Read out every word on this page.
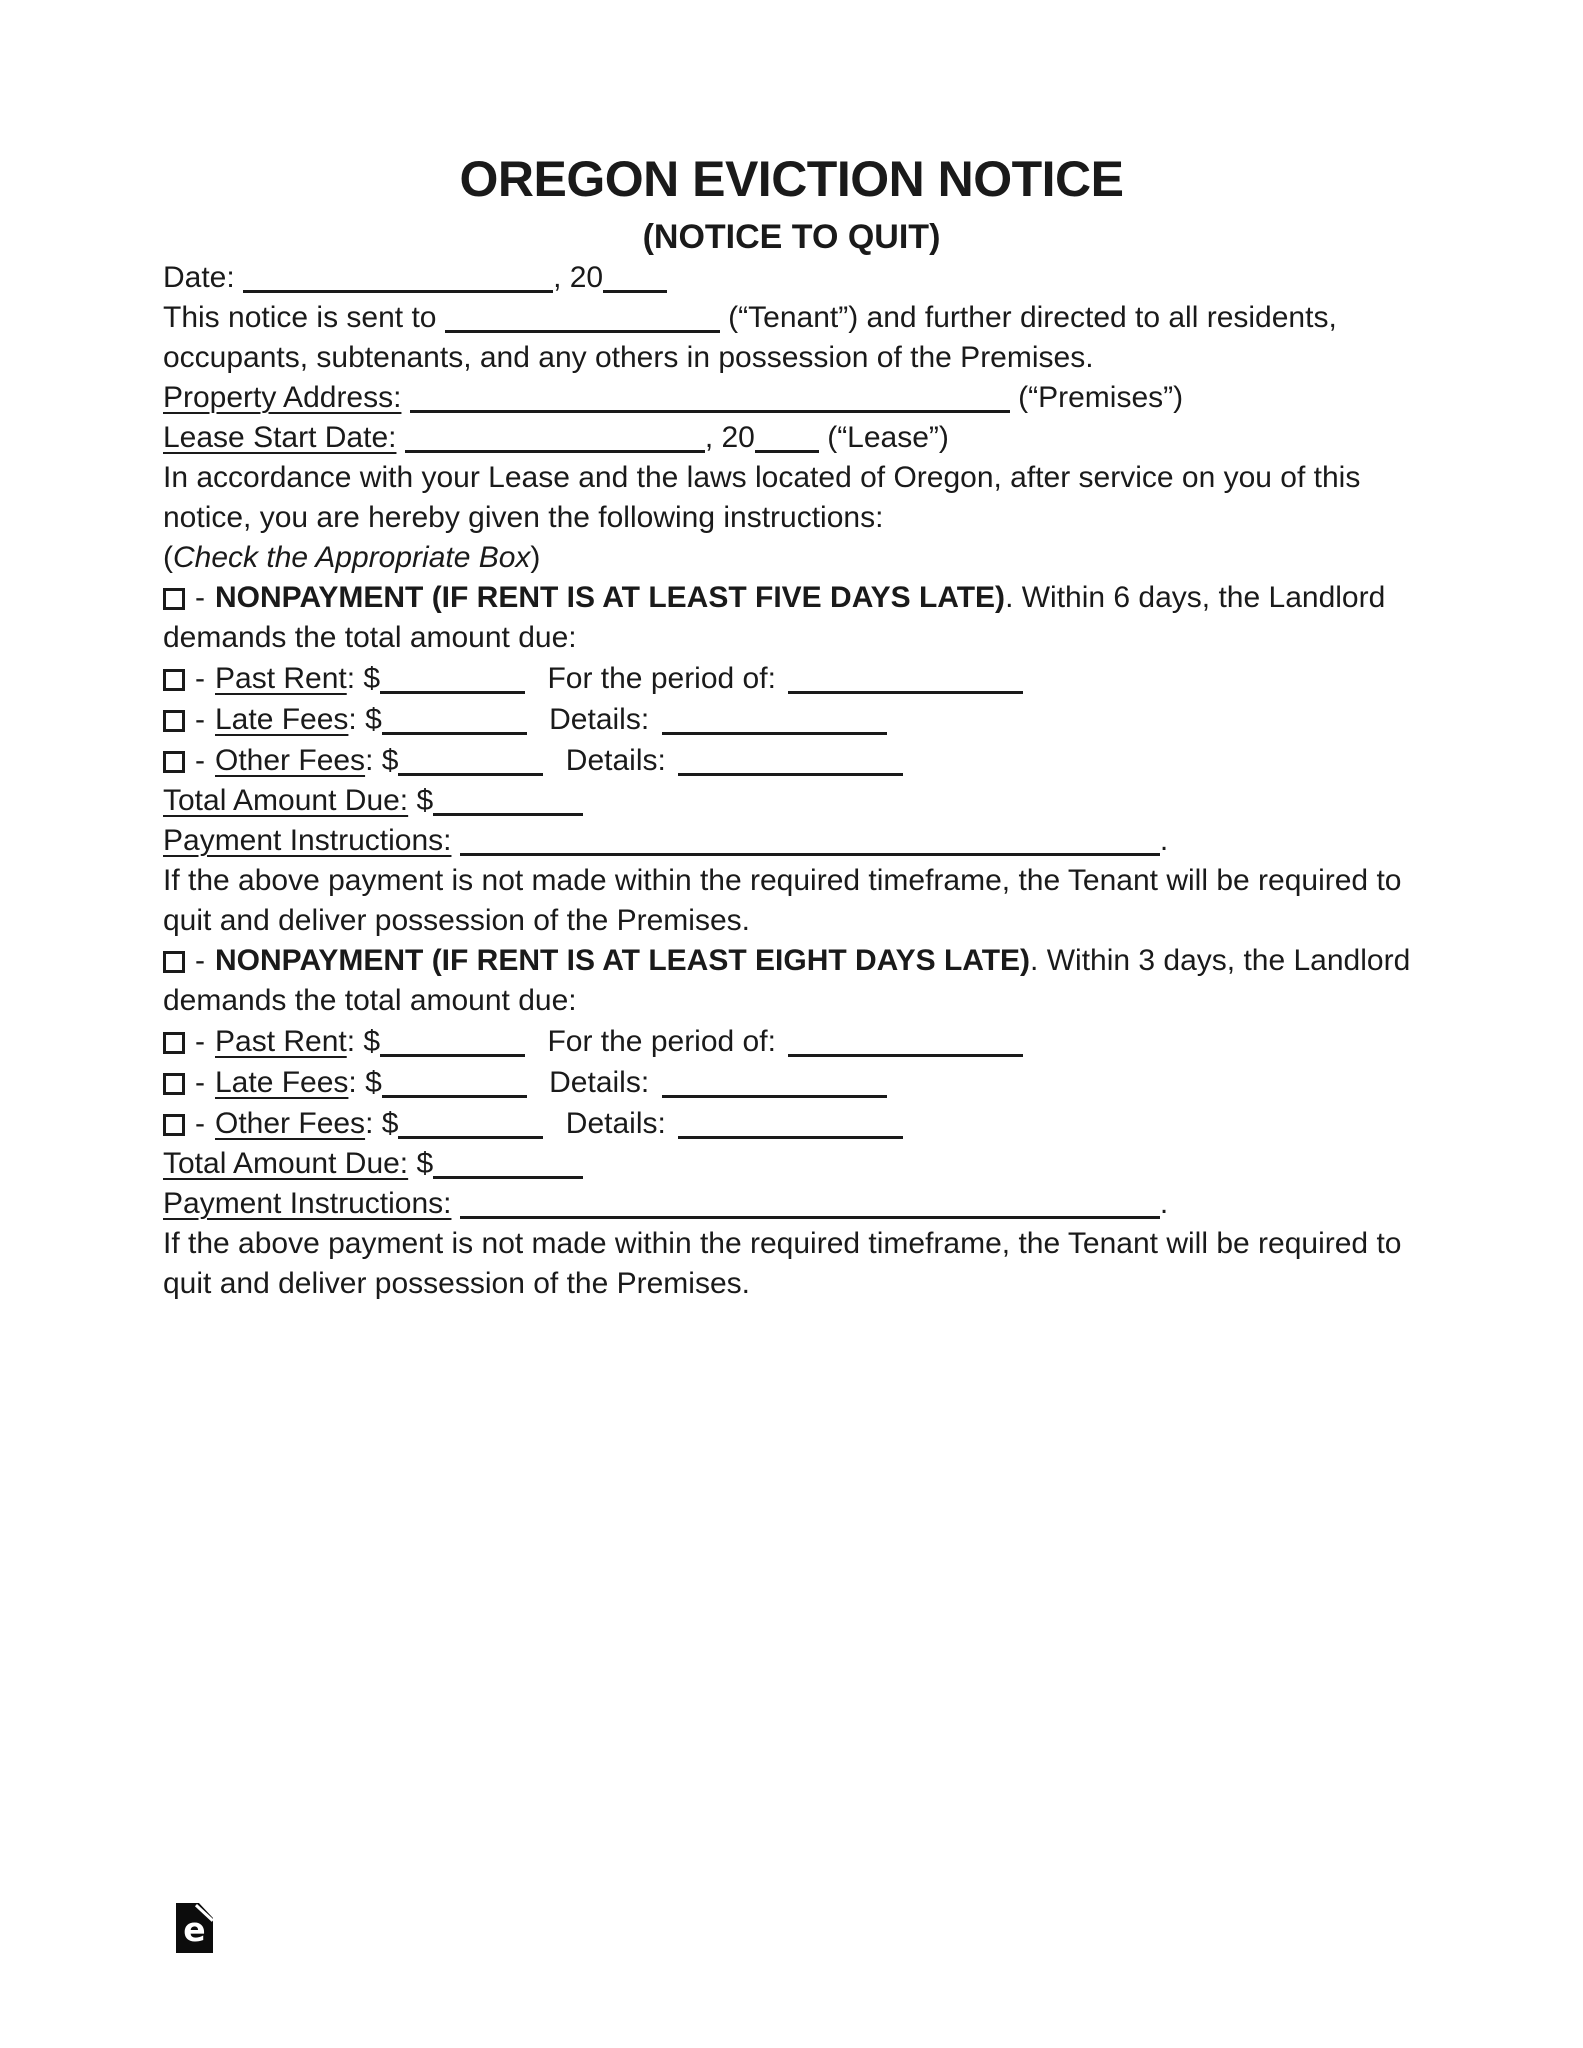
OREGON EVICTION NOTICE
(NOTICE TO QUIT)

Date:	, 20

This notice is sent to	(“Tenant”) and further directed to all residents, occupants, subtenants, and any others in possession of the Premises.

Property Address:	(“Premises”)

Lease Start Date:	, 20 (“Lease”)

In accordance with your Lease and the laws located of Oregon, after service on you of this notice, you are hereby given the following instructions:

(Check the Appropriate Box)

- NONPAYMENT (IF RENT IS AT LEAST FIVE DAYS LATE). Within 6 days, the Landlord demands the total amount due:

- Past Rent: $	For the period of:

- Late Fees: $	Details:

- Other Fees: $	Details:

Total Amount Due: $

Payment Instructions:	.

If the above payment is not made within the required timeframe, the Tenant will be required to quit and deliver possession of the Premises.

- NONPAYMENT (IF RENT IS AT LEAST EIGHT DAYS LATE). Within 3 days, the Landlord demands the total amount due:

- Past Rent: $	For the period of:

- Late Fees: $	Details:

- Other Fees: $	Details:

Total Amount Due: $

Payment Instructions:	.

If the above payment is not made within the required timeframe, the Tenant will be required to quit and deliver possession of the Premises.

e
